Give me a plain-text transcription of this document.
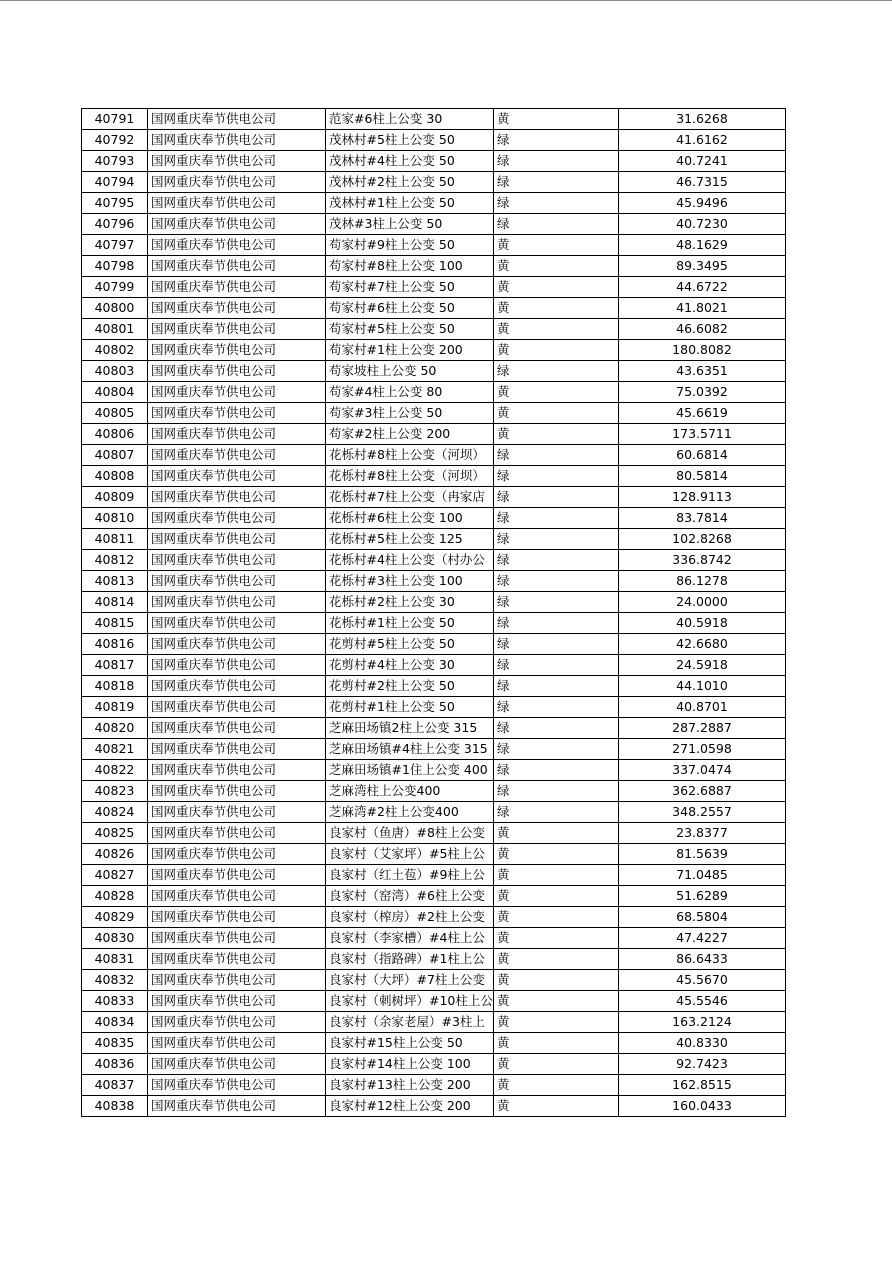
40791	国网重庆奉节供电公司	范家#6柱上公变 30	黄	31.6268
40792	国网重庆奉节供电公司	茂林村#5柱上公变 50	绿	41.6162
40793	国网重庆奉节供电公司	茂林村#4柱上公变 50	绿	40.7241
40794	国网重庆奉节供电公司	茂林村#2柱上公变 50	绿	46.7315
40795	国网重庆奉节供电公司	茂林村#1柱上公变 50	绿	45.9496
40796	国网重庆奉节供电公司	茂林#3柱上公变 50	绿	40.7230
40797	国网重庆奉节供电公司	苟家村#9柱上公变 50	黄	48.1629
40798	国网重庆奉节供电公司	苟家村#8柱上公变 100	黄	89.3495
40799	国网重庆奉节供电公司	苟家村#7柱上公变 50	黄	44.6722
40800	国网重庆奉节供电公司	苟家村#6柱上公变 50	黄	41.8021
40801	国网重庆奉节供电公司	苟家村#5柱上公变 50	黄	46.6082
40802	国网重庆奉节供电公司	苟家村#1柱上公变 200	黄	180.8082
40803	国网重庆奉节供电公司	苟家坡柱上公变 50	绿	43.6351
40804	国网重庆奉节供电公司	苟家#4柱上公变 80	黄	75.0392
40805	国网重庆奉节供电公司	苟家#3柱上公变 50	黄	45.6619
40806	国网重庆奉节供电公司	苟家#2柱上公变 200	黄	173.5711
40807	国网重庆奉节供电公司	花栎村#8柱上公变（河坝）	绿	60.6814
40808	国网重庆奉节供电公司	花栎村#8柱上公变（河坝）	绿	80.5814
40809	国网重庆奉节供电公司	花栎村#7柱上公变（冉家店	绿	128.9113
40810	国网重庆奉节供电公司	花栎村#6柱上公变 100	绿	83.7814
40811	国网重庆奉节供电公司	花栎村#5柱上公变 125	绿	102.8268
40812	国网重庆奉节供电公司	花栎村#4柱上公变（村办公	绿	336.8742
40813	国网重庆奉节供电公司	花栎村#3柱上公变 100	绿	86.1278
40814	国网重庆奉节供电公司	花栎村#2柱上公变 30	绿	24.0000
40815	国网重庆奉节供电公司	花栎村#1柱上公变 50	绿	40.5918
40816	国网重庆奉节供电公司	花剪村#5柱上公变 50	绿	42.6680
40817	国网重庆奉节供电公司	花剪村#4柱上公变 30	绿	24.5918
40818	国网重庆奉节供电公司	花剪村#2柱上公变 50	绿	44.1010
40819	国网重庆奉节供电公司	花剪村#1柱上公变 50	绿	40.8701
40820	国网重庆奉节供电公司	芝麻田场镇2柱上公变 315	绿	287.2887
40821	国网重庆奉节供电公司	芝麻田场镇#4柱上公变 315	绿	271.0598
40822	国网重庆奉节供电公司	芝麻田场镇#1住上公变 400	绿	337.0474
40823	国网重庆奉节供电公司	芝麻湾柱上公变400	绿	362.6887
40824	国网重庆奉节供电公司	芝麻湾#2柱上公变400	绿	348.2557
40825	国网重庆奉节供电公司	良家村（鱼唐）#8柱上公变	黄	23.8377
40826	国网重庆奉节供电公司	良家村（艾家坪）#5柱上公	黄	81.5639
40827	国网重庆奉节供电公司	良家村（红土苞）#9柱上公	黄	71.0485
40828	国网重庆奉节供电公司	良家村（窑湾）#6柱上公变	黄	51.6289
40829	国网重庆奉节供电公司	良家村（榨房）#2柱上公变	黄	68.5804
40830	国网重庆奉节供电公司	良家村（李家槽）#4柱上公	黄	47.4227
40831	国网重庆奉节供电公司	良家村（指路碑）#1柱上公	黄	86.6433
40832	国网重庆奉节供电公司	良家村（大坪）#7柱上公变	黄	45.5670
40833	国网重庆奉节供电公司	良家村（刺树坪）#10柱上公	黄	45.5546
40834	国网重庆奉节供电公司	良家村（余家老屋）#3柱上	黄	163.2124
40835	国网重庆奉节供电公司	良家村#15柱上公变 50	黄	40.8330
40836	国网重庆奉节供电公司	良家村#14柱上公变 100	黄	92.7423
40837	国网重庆奉节供电公司	良家村#13柱上公变 200	黄	162.8515
40838	国网重庆奉节供电公司	良家村#12柱上公变 200	黄	160.0433
